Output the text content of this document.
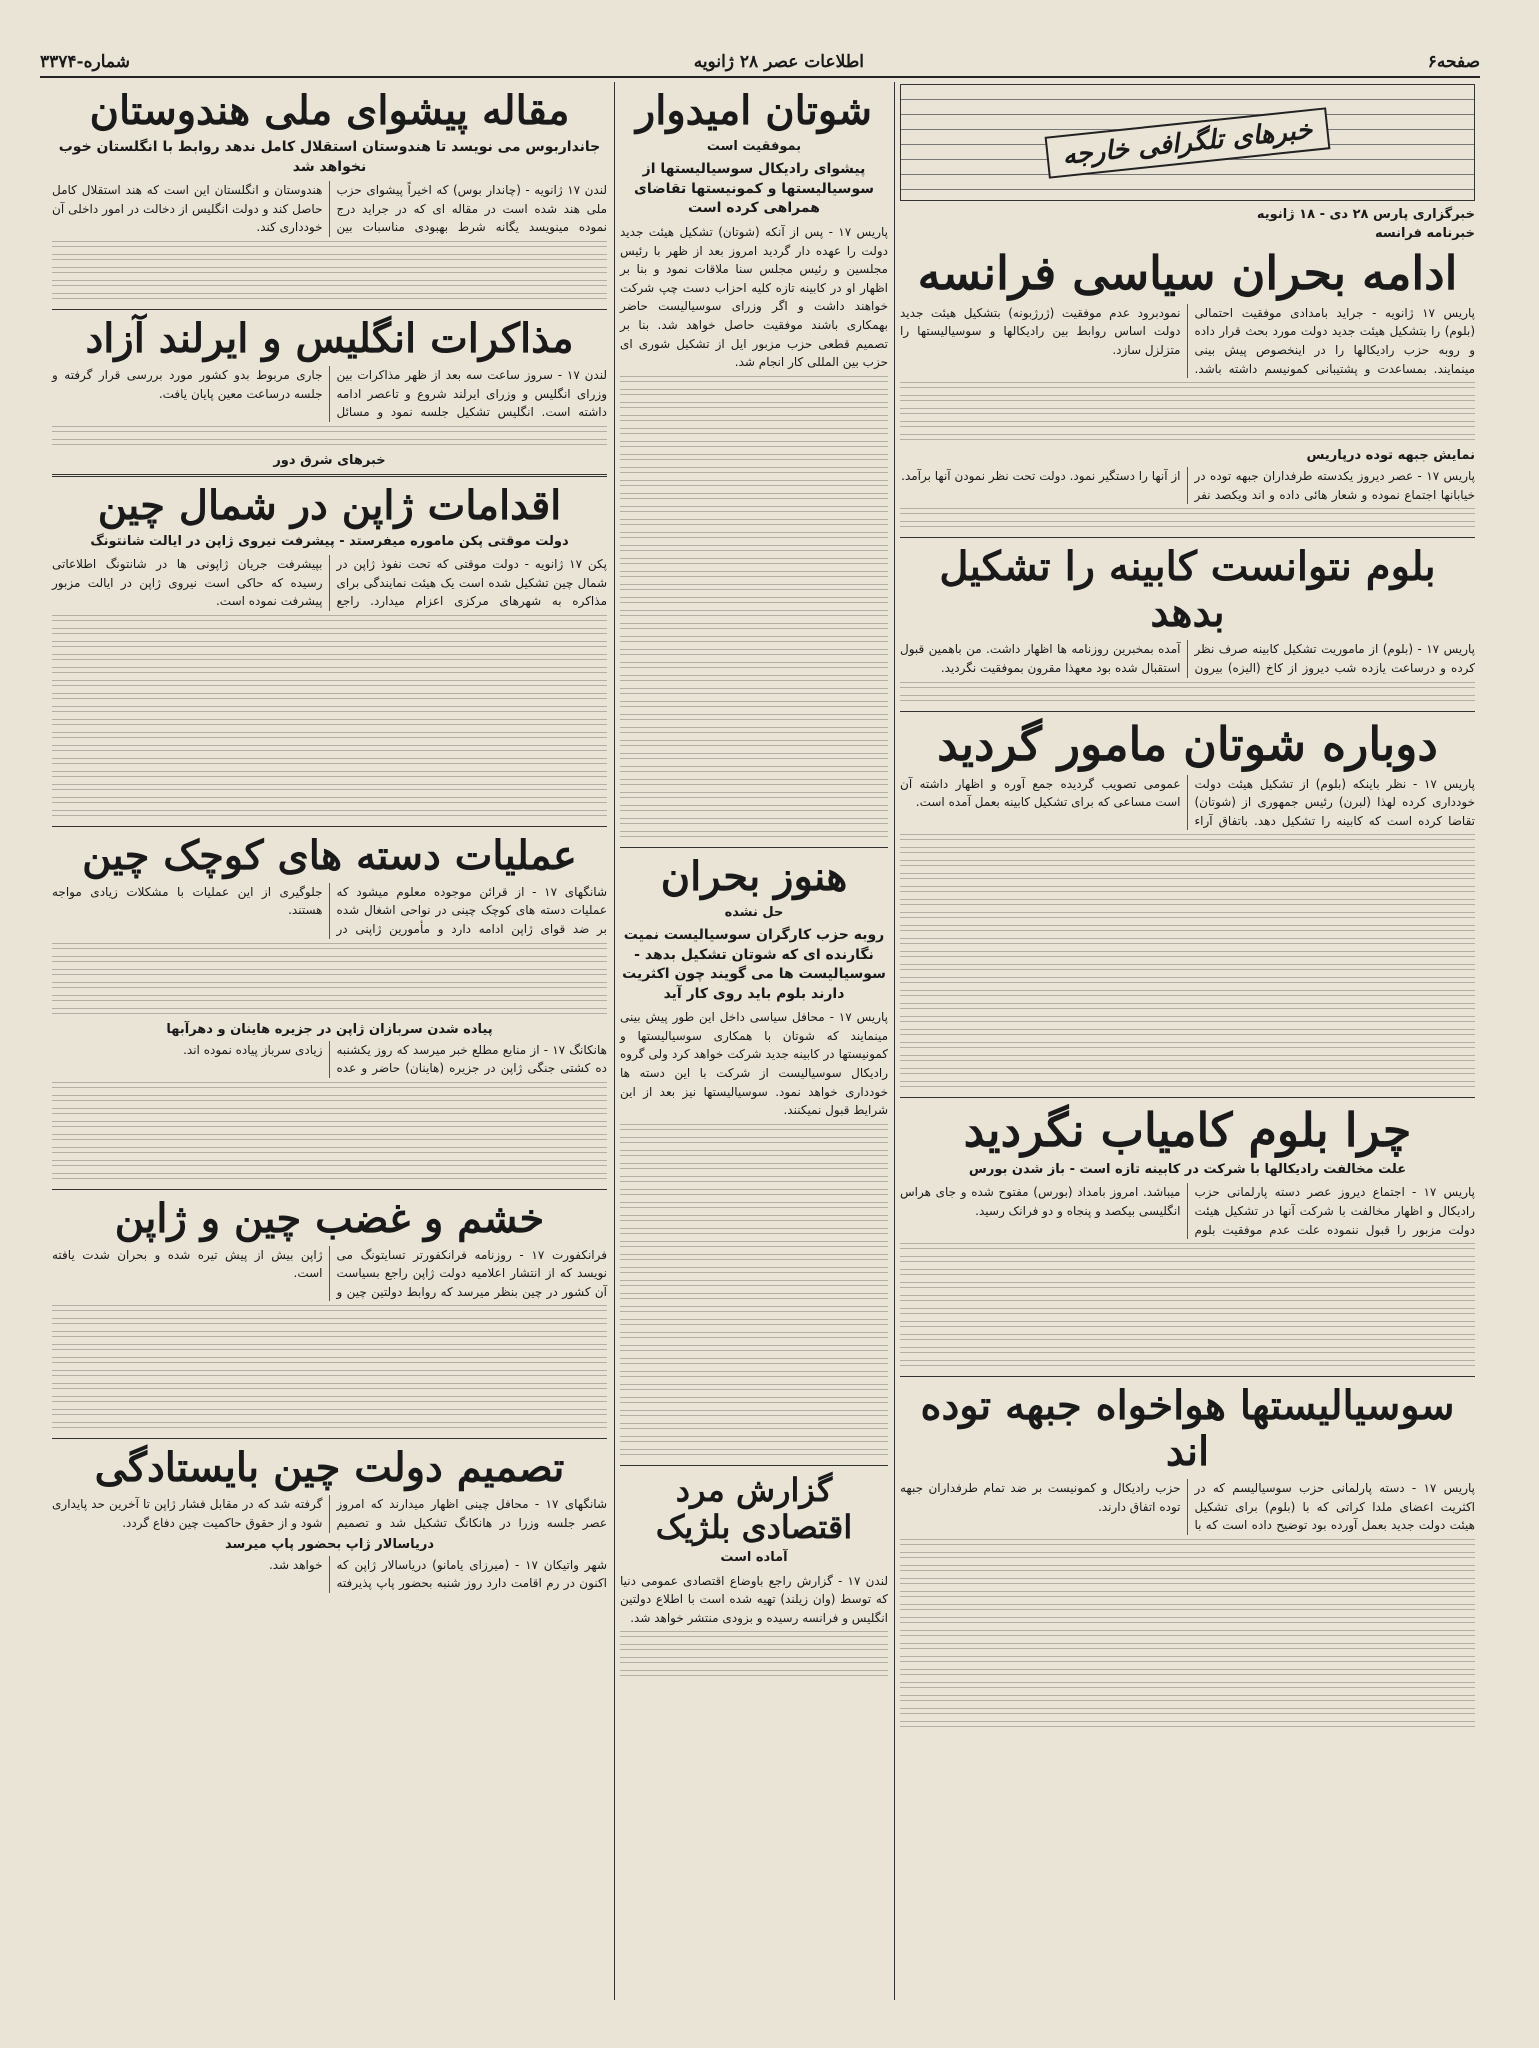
صفحه۶
اطلاعات عصر ۲۸ ژانویه
شماره-۳۳۷۴
خبرهای تلگرافی خارجه
خبرگزاری پارس ۲۸ دی - ۱۸ ژانویه
خبرنامه فرانسه
ادامه بحران سیاسی فرانسه
پاریس ۱۷ ژانویه - جراید بامدادی موفقیت احتمالی (بلوم) را بتشکیل هیئت جدید دولت مورد بحث قرار داده و روبه حزب رادیکالها را در اینخصوص پیش بینی مینمایند. بمساعدت و پشتیبانی کمونیسم داشته باشد. نمودبرود عدم موفقیت (ژرژبونه) بتشکیل هیئت جدید دولت اساس روابط بین رادیکالها و سوسیالیستها را متزلزل سازد.
نمایش جبهه توده درپاریس
پاریس ۱۷ - عصر دیروز یکدسته طرفداران جبهه توده در خیابانها اجتماع نموده و شعار هائی داده و اند ویکصد نفر از آنها را دستگیر نمود. دولت تحت نظر نمودن آنها برآمد.
بلوم نتوانست کابینه را تشکیل بدهد
پاریس ۱۷ - (بلوم) از ماموریت تشکیل کابینه صرف نظر کرده و درساعت یازده شب دیروز از کاخ (الیزه) بیرون آمده بمخبرین روزنامه ها اظهار داشت. من باهمین قبول استقبال شده بود معهذا مقرون بموفقیت نگردید.
دوباره شوتان مامور گردید
پاریس ۱۷ - نظر باینکه (بلوم) از تشکیل هیئت دولت خودداری کرده لهذا (لبرن) رئیس جمهوری از (شوتان) تقاضا کرده است که کابینه را تشکیل دهد. باتفاق آراء عمومی تصویب گردیده جمع آوره و اظهار داشته آن است مساعی که برای تشکیل کابینه بعمل آمده است.
چرا بلوم کامیاب نگردید
علت مخالفت رادیکالها با شرکت در کابینه تازه است - باز شدن بورس
پاریس ۱۷ - اجتماع دیروز عصر دسته پارلمانی حزب رادیکال و اظهار مخالفت با شرکت آنها در تشکیل هیئت دولت مزبور را قبول ننموده علت عدم موفقیت بلوم میباشد. امروز بامداد (بورس) مفتوح شده و جای هراس انگلیسی بیکصد و پنجاه و دو فرانک رسید.
سوسیالیستها هواخواه جبهه توده اند
پاریس ۱۷ - دسته پارلمانی حزب سوسیالیسم که در اکثریت اعضای ملدا کراتی که با (بلوم) برای تشکیل هیئت دولت جدید بعمل آورده بود توضیح داده است که با حزب رادیکال و کمونیست بر ضد تمام طرفداران جبهه توده اتفاق دارند.
شوتان امیدوار
بموفقیت است
پیشوای رادیکال سوسیالیستها از سوسیالیستها و کمونیستها تقاضای همراهی کرده است
پاریس ۱۷ - پس از آنکه (شوتان) تشکیل هیئت جدید دولت را عهده دار گردید امروز بعد از ظهر با رئیس مجلسین و رئیس مجلس سنا ملاقات نمود و بنا بر اظهار او در کابینه تازه کلیه احزاب دست چپ شرکت خواهند داشت و اگر وزرای سوسیالیست حاضر بهمکاری باشند موفقیت حاصل خواهد شد. بنا بر تصمیم قطعی حزب مزبور ایل از تشکیل شوری ای حزب بین المللی کار انجام شد.
هنوز بحران
حل نشده
روبه حزب کارگران سوسیالیست نمیت نگارنده ای که شوتان تشکیل بدهد - سوسیالیست ها می گویند چون اکثریت دارند بلوم باید روی کار آید
پاریس ۱۷ - محافل سیاسی داخل این طور پیش بینی مینمایند که شوتان با همکاری سوسیالیستها و کمونیستها در کابینه جدید شرکت خواهد کرد ولی گروه رادیکال سوسیالیست از شرکت با این دسته ها خودداری خواهد نمود. سوسیالیستها نیز بعد از این شرایط قبول نمیکنند.
گزارش مرد اقتصادی بلژیک
آماده است
لندن ۱۷ - گزارش راجع باوضاع اقتصادی عمومی دنیا که توسط (وان زیلند) تهیه شده است با اطلاع دولتین انگلیس و فرانسه رسیده و بزودی منتشر خواهد شد.
مقاله پیشوای ملی هندوستان
جانداربوس می نویسد تا هندوستان استقلال کامل ندهد روابط با انگلستان خوب نخواهد شد
لندن ۱۷ ژانویه - (چاندار بوس) که اخیراً پیشوای حزب ملی هند شده است در مقاله ای که در جراید درج نموده مینویسد یگانه شرط بهبودی مناسبات بین هندوستان و انگلستان این است که هند استقلال کامل حاصل کند و دولت انگلیس از دخالت در امور داخلی آن خودداری کند.
مذاکرات انگلیس و ایرلند آزاد
لندن ۱۷ - سروز ساعت سه بعد از ظهر مذاکرات بین وزرای انگلیس و وزرای ایرلند شروع و تاعصر ادامه داشته است. انگلیس تشکیل جلسه نمود و مسائل جاری مربوط بدو کشور مورد بررسی قرار گرفته و جلسه درساعت معین پایان یافت.
خبرهای شرق دور
اقدامات ژاپن در شمال چین
دولت موقتی پکن ماموره میفرستد - پیشرفت نیروی ژاپن در ایالت شانتونگ
پکن ۱۷ ژانویه - دولت موقتی که تحت نفوذ ژاپن در شمال چین تشکیل شده است یک هیئت نمایندگی برای مذاکره به شهرهای مرکزی اعزام میدارد. راجع بپیشرفت جریان ژاپونی ها در شانتونگ اطلاعاتی رسیده که حاکی است نیروی ژاپن در ایالت مزبور پیشرفت نموده است.
عملیات دسته های کوچک چین
شانگهای ۱۷ - از قرائن موجوده معلوم میشود که عملیات دسته های کوچک چینی در نواحی اشغال شده بر ضد قوای ژاپن ادامه دارد و مأمورین ژاپنی در جلوگیری از این عملیات با مشکلات زیادی مواجه هستند.
پیاده شدن سربازان ژاپن در جزیره هاینان و دهرآبها
هانکانگ ۱۷ - از منابع مطلع خبر میرسد که روز یکشنبه ده کشتی جنگی ژاپن در جزیره (هاینان) حاضر و عده زیادی سرباز پیاده نموده اند.
خشم و غضب چین و ژاپن
فرانکفورت ۱۷ - روزنامه فرانکفورتر تسایتونگ می نویسد که از انتشار اعلامیه دولت ژاپن راجع بسیاست آن کشور در چین بنظر میرسد که روابط دولتین چین و ژاپن بیش از پیش تیره شده و بحران شدت یافته است.
تصمیم دولت چین بایستادگی
شانگهای ۱۷ - محافل چینی اظهار میدارند که امروز عصر جلسه وزرا در هانکانگ تشکیل شد و تصمیم گرفته شد که در مقابل فشار ژاپن تا آخرین حد پایداری شود و از حقوق حاکمیت چین دفاع گردد.
دریاسالار ژاپ بحضور پاپ میرسد
شهر واتیکان ۱۷ - (میرزای یامانو) دریاسالار ژاپن که اکنون در رم اقامت دارد روز شنبه بحضور پاپ پذیرفته خواهد شد.
